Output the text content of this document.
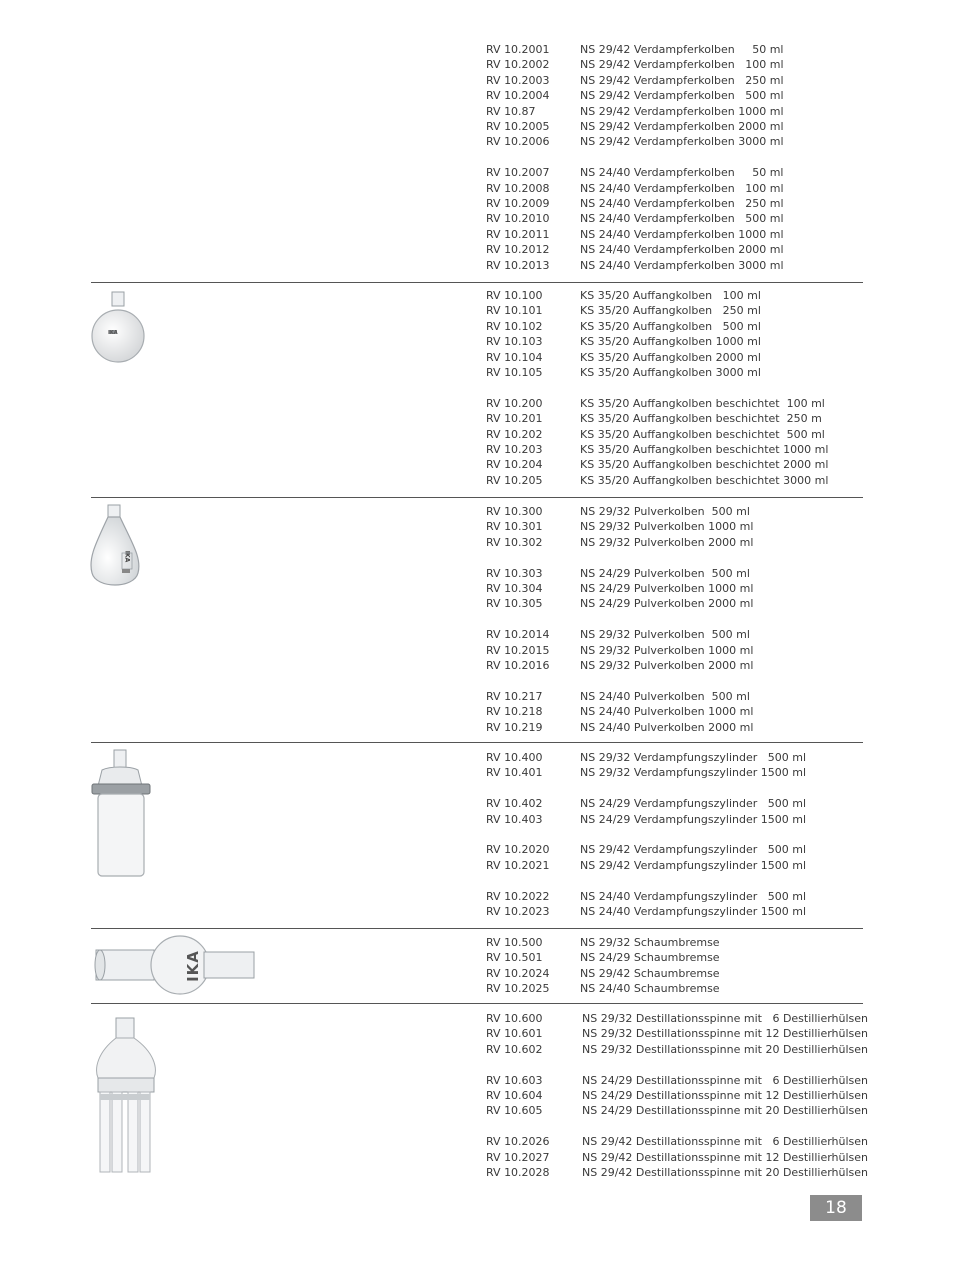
IKA
IKA
IKA
18
RV 10.2001	NS 29/42 Verdampferkolben     50 ml
RV 10.2002	NS 29/42 Verdampferkolben   100 ml
RV 10.2003	NS 29/42 Verdampferkolben   250 ml
RV 10.2004	NS 29/42 Verdampferkolben   500 ml
RV 10.87	NS 29/42 Verdampferkolben 1000 ml
RV 10.2005	NS 29/42 Verdampferkolben 2000 ml
RV 10.2006	NS 29/42 Verdampferkolben 3000 ml
RV 10.2007	NS 24/40 Verdampferkolben     50 ml
RV 10.2008	NS 24/40 Verdampferkolben   100 ml
RV 10.2009	NS 24/40 Verdampferkolben   250 ml
RV 10.2010	NS 24/40 Verdampferkolben   500 ml
RV 10.2011	NS 24/40 Verdampferkolben 1000 ml
RV 10.2012	NS 24/40 Verdampferkolben 2000 ml
RV 10.2013	NS 24/40 Verdampferkolben 3000 ml
RV 10.100	KS 35/20 Auffangkolben   100 ml
RV 10.101	KS 35/20 Auffangkolben   250 ml
RV 10.102	KS 35/20 Auffangkolben   500 ml
RV 10.103	KS 35/20 Auffangkolben 1000 ml
RV 10.104	KS 35/20 Auffangkolben 2000 ml
RV 10.105	KS 35/20 Auffangkolben 3000 ml
RV 10.200	KS 35/20 Auffangkolben beschichtet  100 ml
RV 10.201	KS 35/20 Auffangkolben beschichtet  250 m
RV 10.202	KS 35/20 Auffangkolben beschichtet  500 ml
RV 10.203	KS 35/20 Auffangkolben beschichtet 1000 ml
RV 10.204	KS 35/20 Auffangkolben beschichtet 2000 ml
RV 10.205	KS 35/20 Auffangkolben beschichtet 3000 ml
RV 10.300	NS 29/32 Pulverkolben  500 ml
RV 10.301	NS 29/32 Pulverkolben 1000 ml
RV 10.302	NS 29/32 Pulverkolben 2000 ml
RV 10.303	NS 24/29 Pulverkolben  500 ml
RV 10.304	NS 24/29 Pulverkolben 1000 ml
RV 10.305	NS 24/29 Pulverkolben 2000 ml
RV 10.2014	NS 29/32 Pulverkolben  500 ml
RV 10.2015	NS 29/32 Pulverkolben 1000 ml
RV 10.2016	NS 29/32 Pulverkolben 2000 ml
RV 10.217	NS 24/40 Pulverkolben  500 ml
RV 10.218	NS 24/40 Pulverkolben 1000 ml
RV 10.219	NS 24/40 Pulverkolben 2000 ml
RV 10.400	NS 29/32 Verdampfungszylinder   500 ml
RV 10.401	NS 29/32 Verdampfungszylinder 1500 ml
RV 10.402	NS 24/29 Verdampfungszylinder   500 ml
RV 10.403	NS 24/29 Verdampfungszylinder 1500 ml
RV 10.2020	NS 29/42 Verdampfungszylinder   500 ml
RV 10.2021	NS 29/42 Verdampfungszylinder 1500 ml
RV 10.2022	NS 24/40 Verdampfungszylinder   500 ml
RV 10.2023	NS 24/40 Verdampfungszylinder 1500 ml
RV 10.500	NS 29/32 Schaumbremse
RV 10.501	NS 24/29 Schaumbremse
RV 10.2024	NS 29/42 Schaumbremse
RV 10.2025	NS 24/40 Schaumbremse
RV 10.600	NS 29/32 Destillationsspinne mit   6 Destillierhülsen
RV 10.601	NS 29/32 Destillationsspinne mit 12 Destillierhülsen
RV 10.602	NS 29/32 Destillationsspinne mit 20 Destillierhülsen
RV 10.603	NS 24/29 Destillationsspinne mit   6 Destillierhülsen
RV 10.604	NS 24/29 Destillationsspinne mit 12 Destillierhülsen
RV 10.605	NS 24/29 Destillationsspinne mit 20 Destillierhülsen
RV 10.2026	NS 29/42 Destillationsspinne mit   6 Destillierhülsen
RV 10.2027	NS 29/42 Destillationsspinne mit 12 Destillierhülsen
RV 10.2028	NS 29/42 Destillationsspinne mit 20 Destillierhülsen
